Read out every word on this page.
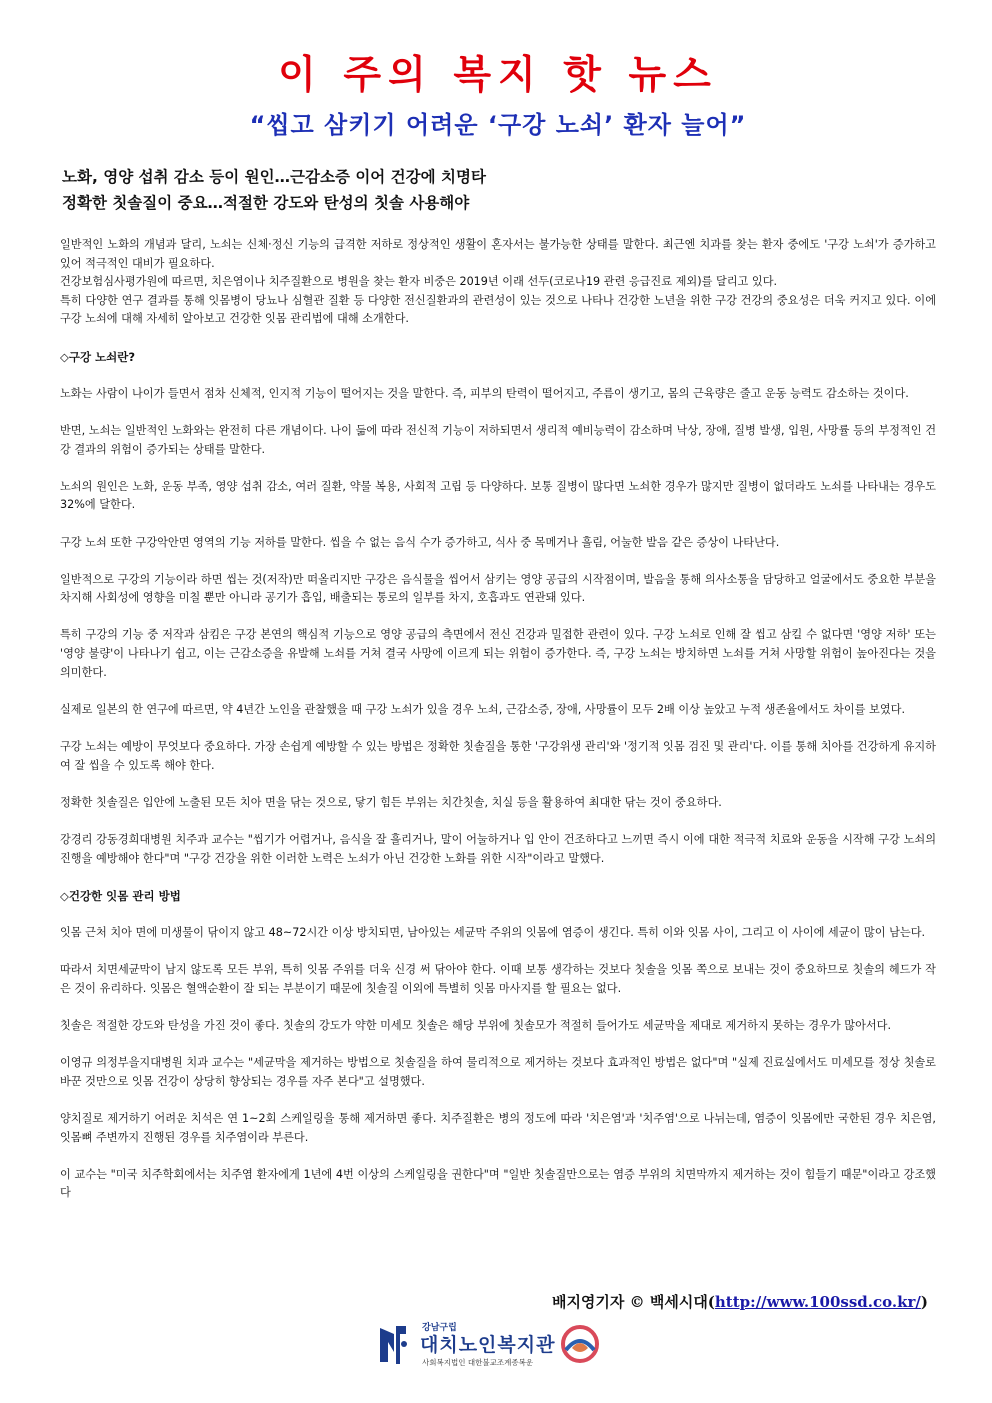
이 주의 복지 핫 뉴스
“씹고 삼키기 어려운 ‘구강 노쇠’ 환자 늘어”

노화, 영양 섭취 감소 등이 원인…근감소증 이어 건강에 치명타

정확한 칫솔질이 중요…적절한 강도와 탄성의 칫솔 사용해야

일반적인 노화의 개념과 달리, 노쇠는 신체·정신 기능의 급격한 저하로 정상적인 생활이 혼자서는 불가능한 상태를 말한다. 최근엔 치과를 찾는 환자 중에도 '구강 노쇠'가 증가하고 있어 적극적인 대비가 필요하다.

건강보험심사평가원에 따르면, 치은염이나 치주질환으로 병원을 찾는 환자 비중은 2019년 이래 선두(코로나19 관련 응급진료 제외)를 달리고 있다.

특히 다양한 연구 결과를 통해 잇몸병이 당뇨나 심혈관 질환 등 다양한 전신질환과의 관련성이 있는 것으로 나타나 건강한 노년을 위한 구강 건강의 중요성은 더욱 커지고 있다. 이에 구강 노쇠에 대해 자세히 알아보고 건강한 잇몸 관리법에 대해 소개한다.

◇구강 노쇠란?

노화는 사람이 나이가 들면서 점차 신체적, 인지적 기능이 떨어지는 것을 말한다. 즉, 피부의 탄력이 떨어지고, 주름이 생기고, 몸의 근육량은 줄고 운동 능력도 감소하는 것이다.

반면, 노쇠는 일반적인 노화와는 완전히 다른 개념이다. 나이 듦에 따라 전신적 기능이 저하되면서 생리적 예비능력이 감소하며 낙상, 장애, 질병 발생, 입원, 사망률 등의 부정적인 건강 결과의 위험이 증가되는 상태를 말한다.

노쇠의 원인은 노화, 운동 부족, 영양 섭취 감소, 여러 질환, 약물 복용, 사회적 고립 등 다양하다. 보통 질병이 많다면 노쇠한 경우가 많지만 질병이 없더라도 노쇠를 나타내는 경우도 32%에 달한다.

구강 노쇠 또한 구강악안면 영역의 기능 저하를 말한다. 씹을 수 없는 음식 수가 증가하고, 식사 중 목메거나 흘림, 어눌한 발음 같은 증상이 나타난다.

일반적으로 구강의 기능이라 하면 씹는 것(저작)만 떠올리지만 구강은 음식물을 씹어서 삼키는 영양 공급의 시작점이며, 발음을 통해 의사소통을 담당하고 얼굴에서도 중요한 부분을 차지해 사회성에 영향을 미칠 뿐만 아니라 공기가 흡입, 배출되는 통로의 일부를 차지, 호흡과도 연관돼 있다.

특히 구강의 기능 중 저작과 삼킴은 구강 본연의 핵심적 기능으로 영양 공급의 측면에서 전신 건강과 밀접한 관련이 있다. 구강 노쇠로 인해 잘 씹고 삼킬 수 없다면 '영양 저하' 또는 '영양 불량'이 나타나기 쉽고, 이는 근감소증을 유발해 노쇠를 거쳐 결국 사망에 이르게 되는 위험이 증가한다. 즉, 구강 노쇠는 방치하면 노쇠를 거쳐 사망할 위험이 높아진다는 것을 의미한다.

실제로 일본의 한 연구에 따르면, 약 4년간 노인을 관찰했을 때 구강 노쇠가 있을 경우 노쇠, 근감소증, 장애, 사망률이 모두 2배 이상 높았고 누적 생존율에서도 차이를 보였다.

구강 노쇠는 예방이 무엇보다 중요하다. 가장 손쉽게 예방할 수 있는 방법은 정확한 칫솔질을 통한 '구강위생 관리'와 '정기적 잇몸 검진 및 관리'다. 이를 통해 치아를 건강하게 유지하여 잘 씹을 수 있도록 해야 한다.

정확한 칫솔질은 입안에 노출된 모든 치아 면을 닦는 것으로, 닿기 힘든 부위는 치간칫솔, 치실 등을 활용하여 최대한 닦는 것이 중요하다.

강경리 강동경희대병원 치주과 교수는 "씹기가 어렵거나, 음식을 잘 흘리거나, 말이 어눌하거나 입 안이 건조하다고 느끼면 즉시 이에 대한 적극적 치료와 운동을 시작해 구강 노쇠의 진행을 예방해야 한다"며 "구강 건강을 위한 이러한 노력은 노쇠가 아닌 건강한 노화를 위한 시작"이라고 말했다.

◇건강한 잇몸 관리 방법

잇몸 근처 치아 면에 미생물이 닦이지 않고 48~72시간 이상 방치되면, 남아있는 세균막 주위의 잇몸에 염증이 생긴다. 특히 이와 잇몸 사이, 그리고 이 사이에 세균이 많이 남는다.

따라서 치면세균막이 남지 않도록 모든 부위, 특히 잇몸 주위를 더욱 신경 써 닦아야 한다. 이때 보통 생각하는 것보다 칫솔을 잇몸 쪽으로 보내는 것이 중요하므로 칫솔의 헤드가 작은 것이 유리하다. 잇몸은 혈액순환이 잘 되는 부분이기 때문에 칫솔질 이외에 특별히 잇몸 마사지를 할 필요는 없다.

칫솔은 적절한 강도와 탄성을 가진 것이 좋다. 칫솔의 강도가 약한 미세모 칫솔은 해당 부위에 칫솔모가 적절히 들어가도 세균막을 제대로 제거하지 못하는 경우가 많아서다.

이영규 의정부을지대병원 치과 교수는 "세균막을 제거하는 방법으로 칫솔질을 하여 물리적으로 제거하는 것보다 효과적인 방법은 없다"며 "실제 진료실에서도 미세모를 정상 칫솔로 바꾼 것만으로 잇몸 건강이 상당히 향상되는 경우를 자주 본다"고 설명했다.

양치질로 제거하기 어려운 치석은 연 1~2회 스케일링을 통해 제거하면 좋다. 치주질환은 병의 정도에 따라 '치은염'과 '치주염'으로 나뉘는데, 염증이 잇몸에만 국한된 경우 치은염, 잇몸뼈 주변까지 진행된 경우를 치주염이라 부른다.

이 교수는 "미국 치주학회에서는 치주염 환자에게 1년에 4번 이상의 스케일링을 권한다"며 "일반 칫솔질만으로는 염증 부위의 치면막까지 제거하는 것이 힘들기 때문"이라고 강조했다

배지영기자 © 백세시대(http://www.100ssd.co.kr/)
강남구립
대치노인복지관
사회복지법인 대한불교조계종복운
